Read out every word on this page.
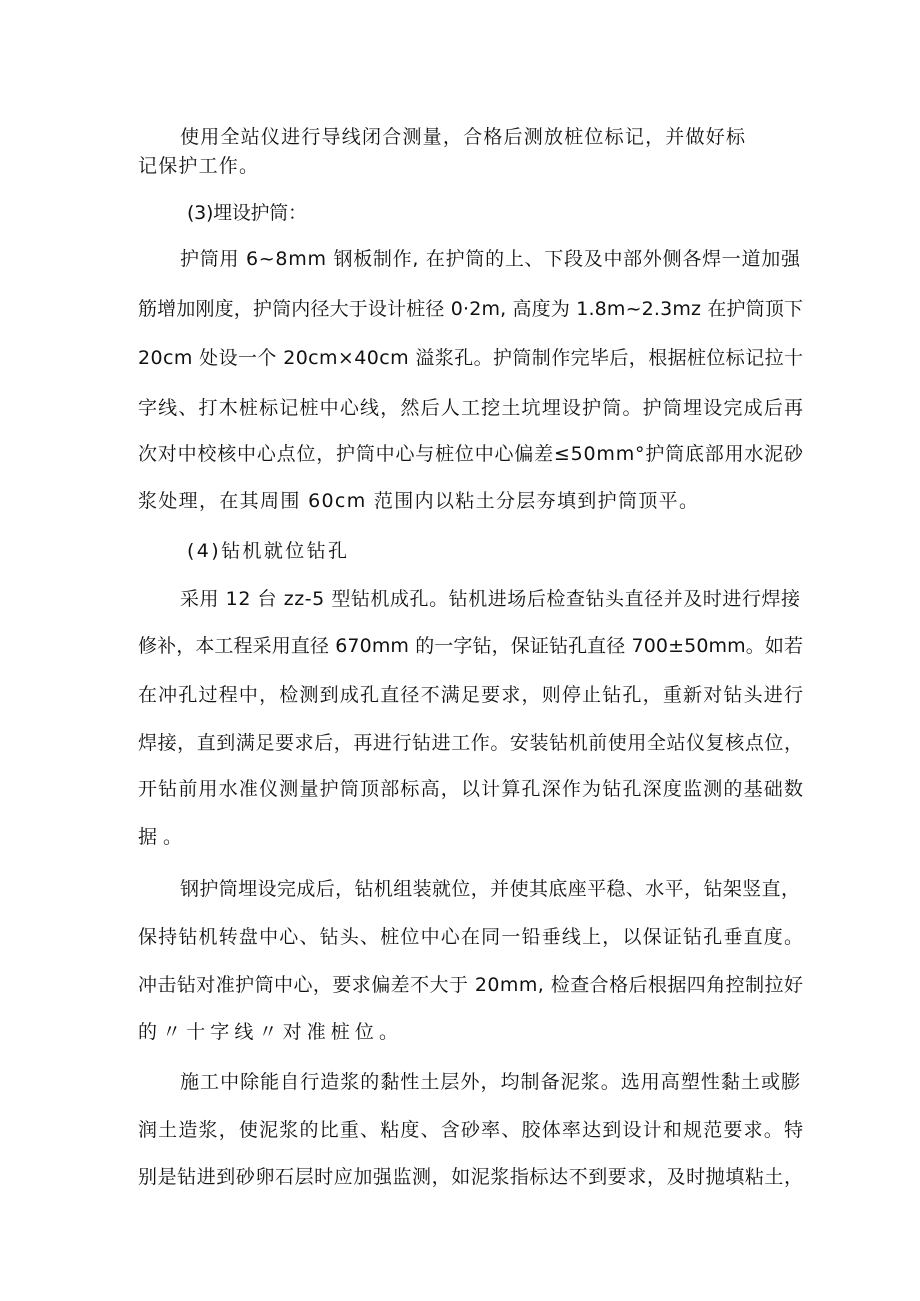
使用全站仪进行导线闭合测量，合格后测放桩位标记，并做好标
记保护工作。
(3)埋设护筒：
护筒用 6~8mm 钢板制作, 在护筒的上、下段及中部外侧各焊一道加强
筋增加刚度，护筒内径大于设计桩径 0·2m, 高度为 1.8m~2.3mz 在护筒顶下
20cm 处设一个 20cm×40cm 溢浆孔。护筒制作完毕后，根据桩位标记拉十
字线、打木桩标记桩中心线，然后人工挖土坑埋设护筒。护筒埋设完成后再
次对中校核中心点位，护筒中心与桩位中心偏差≤50mm°护筒底部用水泥砂
浆处理，在其周围 60cm 范围内以粘土分层夯填到护筒顶平。
(4)钻机就位钻孔
采用 12 台 zz-5 型钻机成孔。钻机进场后检查钻头直径并及时进行焊接
修补，本工程采用直径 670mm 的一字钻，保证钻孔直径 700±50mm。如若
在冲孔过程中，检测到成孔直径不满足要求，则停止钻孔，重新对钻头进行
焊接，直到满足要求后，再进行钻进工作。安装钻机前使用全站仪复核点位，
开钻前用水准仪测量护筒顶部标高，以计算孔深作为钻孔深度监测的基础数
据。
钢护筒埋设完成后，钻机组装就位，并使其底座平稳、水平，钻架竖直，
保持钻机转盘中心、钻头、桩位中心在同一铅垂线上，以保证钻孔垂直度。
冲击钻对准护筒中心，要求偏差不大于 20mm, 检查合格后根据四角控制拉好
的〃十字线〃对准桩位。
施工中除能自行造浆的黏性土层外，均制备泥浆。选用高塑性黏土或膨
润土造浆，使泥浆的比重、粘度、含砂率、胶体率达到设计和规范要求。特
别是钻进到砂卵石层时应加强监测，如泥浆指标达不到要求，及时抛填粘土，
